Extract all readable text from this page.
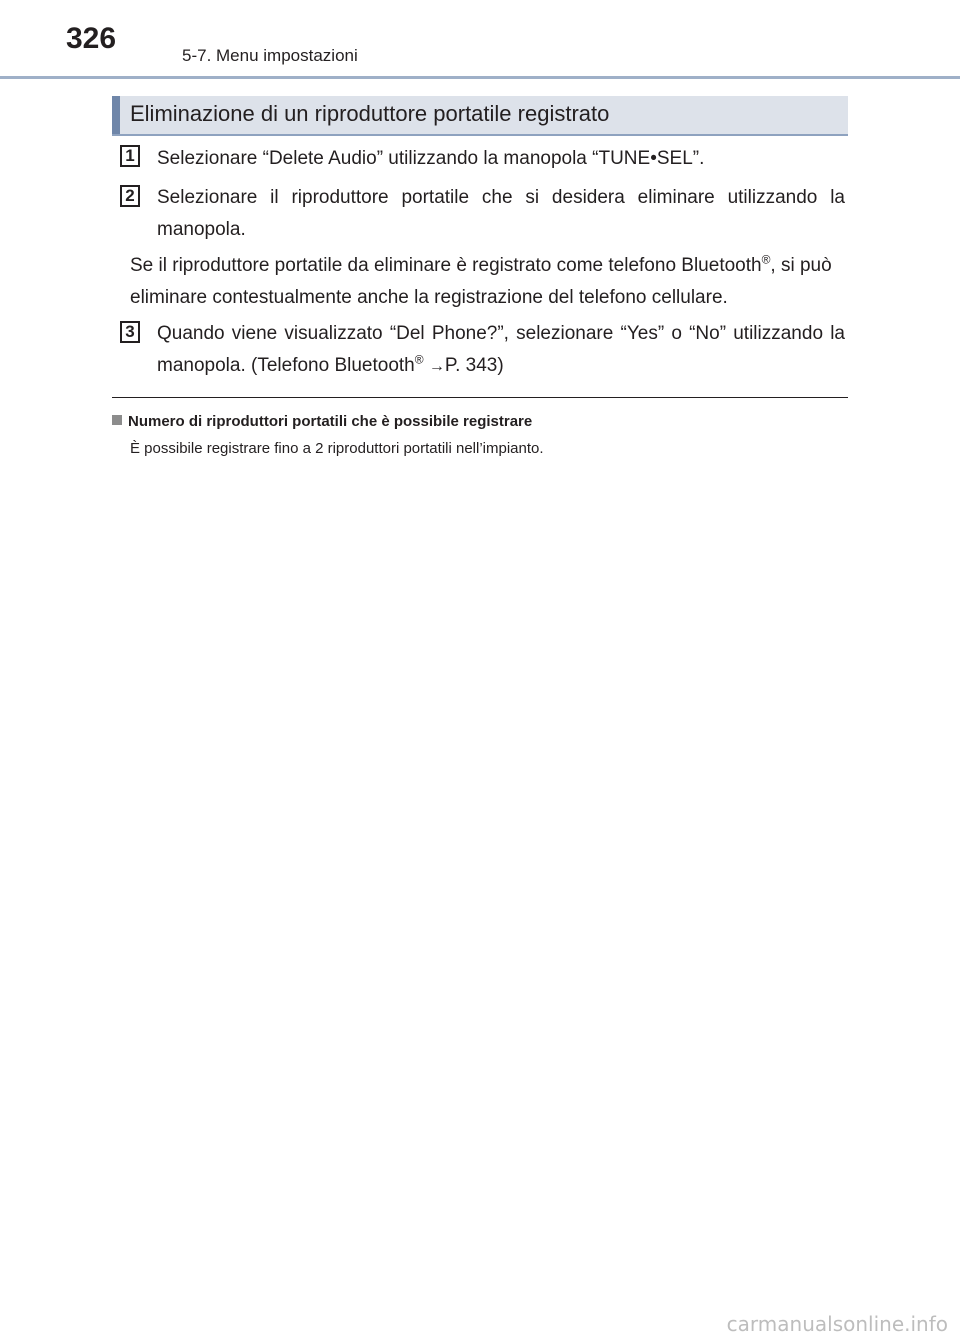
326
5-7. Menu impostazioni
Eliminazione di un riproduttore portatile registrato
1 Selezionare “Delete Audio” utilizzando la manopola “TUNE•SEL”.
2 Selezionare il riproduttore portatile che si desidera eliminare utilizzando la manopola.
Se il riproduttore portatile da eliminare è registrato come telefono Bluetooth®, si può eliminare contestualmente anche la registrazione del telefono cellulare.
3 Quando viene visualizzato “Del Phone?”, selezionare “Yes” o “No” utilizzando la manopola. (Telefono Bluetooth® →P. 343)
Numero di riproduttori portatili che è possibile registrare
È possibile registrare fino a 2 riproduttori portatili nell’impianto.
carmanualsonline.info
